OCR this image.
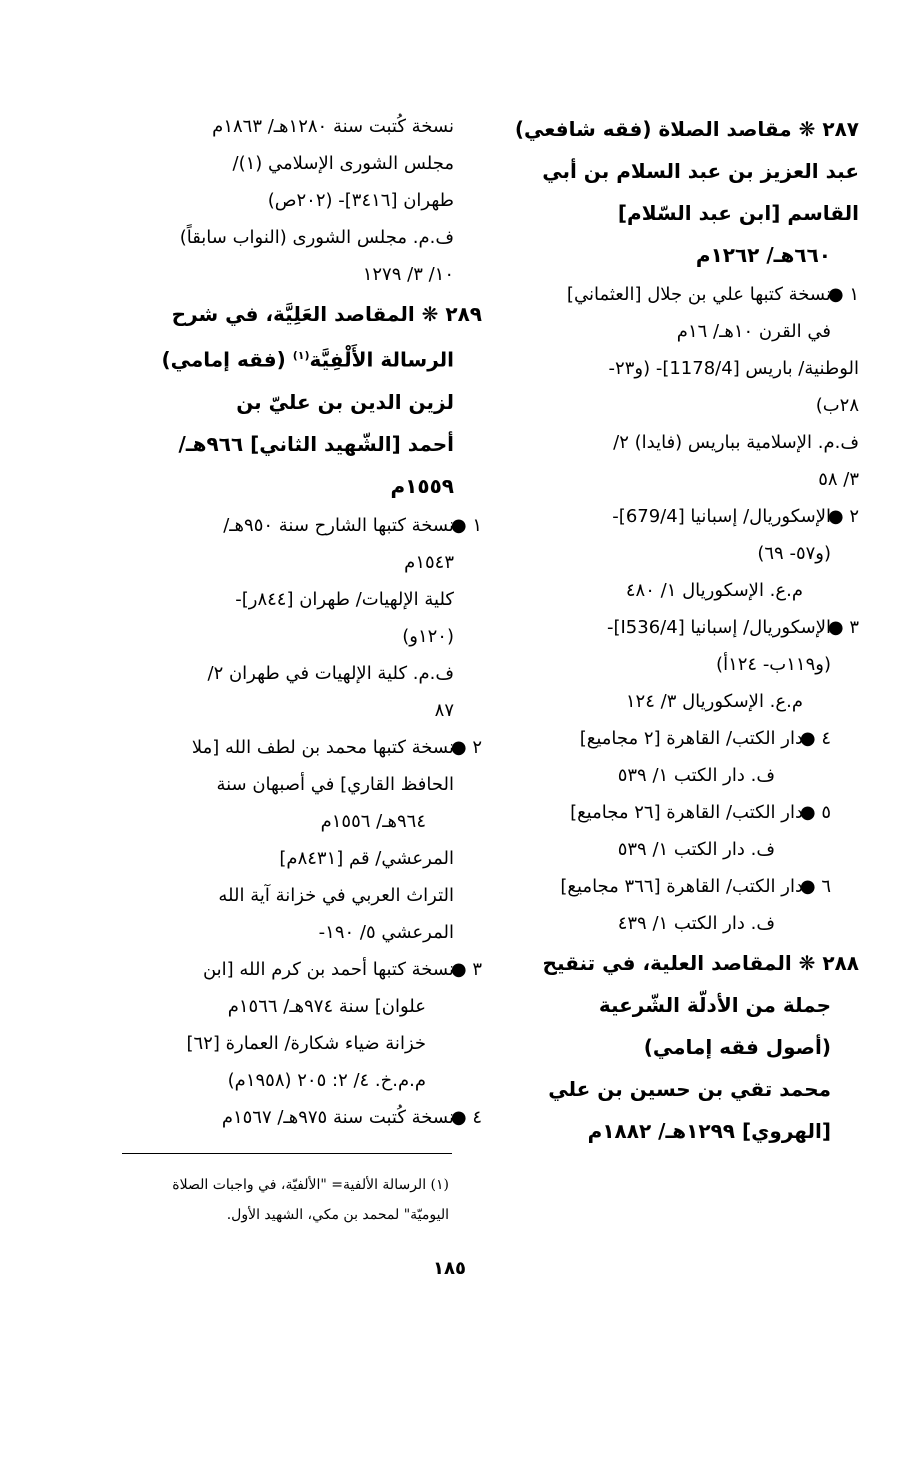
٢٨٧ ❋ مقاصد الصلاة (فقه شافعي)
عبد العزيز بن عبد السلام بن أبي
القاسم [ابن عبد السّلام]
٦٦٠هـ/ ١٢٦٢م
١ ●
نسخة كتبها علي بن جلال [العثماني]
في القرن ١٠هـ/ ١٦م
الوطنية/ باريس [1178/4]- (و٢٣-
٢٨ب)
ف.م. الإسلامية بباريس (فايدا) ٢/
٣/ ٥٨
٢ ●
الإسكوريال/ إسبانيا [679/4]-
(و٥٧- ٦٩)
م.ع. الإسكوريال ١/ ٤٨٠
٣ ●
الإسكوريال/ إسبانيا [I536/4]-
(و١١٩ب- ١٢٤أ)
م.ع. الإسكوريال ٣/ ١٢٤
٤ ●
دار الكتب/ القاهرة [٢ مجاميع]
ف. دار الكتب ١/ ٥٣٩
٥ ●
دار الكتب/ القاهرة [٢٦ مجاميع]
ف. دار الكتب ١/ ٥٣٩
٦ ●
دار الكتب/ القاهرة [٣٦٦ مجاميع]
ف. دار الكتب ١/ ٤٣٩
٢٨٨ ❋ المقاصد العلية، في تنقيح
جملة من الأدلّة الشّرعية
(أصول فقه إمامي)
محمد تقي بن حسين بن علي
[الهروي] ١٢٩٩هـ/ ١٨٨٢م
نسخة كُتبت سنة ١٢٨٠هـ/ ١٨٦٣م
مجلس الشورى الإسلامي (١)/
طهران [٣٤١٦]- (٢٠٢ص)
ف.م. مجلس الشورى (النواب سابقاً)
١٠/ ٣/ ١٢٧٩
٢٨٩ ❋ المقاصد العَلِيَّة، في شرح
الرسالة الأَلْفِيَّة$^{(١)}$ (فقه إمامي)
لزين الدين بن عليّ بن
أحمد [الشّهيد الثاني] ٩٦٦هـ/
١٥٥٩م
١ ●
نسخة كتبها الشارح سنة ٩٥٠هـ/
١٥٤٣م
كلية الإلهيات/ طهران [٨٤٤ر]-
(١٢٠و)
ف.م. كلية الإلهيات في طهران ٢/
٨٧
٢ ●
نسخة كتبها محمد بن لطف الله [ملا
الحافظ القاري] في أصبهان سنة
٩٦٤هـ/ ١٥٥٦م
المرعشي/ قم [٨٤٣١م]
التراث العربي في خزانة آية الله
المرعشي ٥/ ١٩٠-
٣ ●
نسخة كتبها أحمد بن كرم الله [ابن
علوان] سنة ٩٧٤هـ/ ١٥٦٦م
خزانة ضياء شكارة/ العمارة [٦٢]
م.م.خ. ٤/ ٢: ٢٠٥ (١٩٥٨م)
٤ ●
نسخة كُتبت سنة ٩٧٥هـ/ ١٥٦٧م
(١) الرسالة الألفية= "الألفيّة، في واجبات الصلاة
اليوميّة" لمحمد بن مكي، الشهيد الأول.
١٨٥
